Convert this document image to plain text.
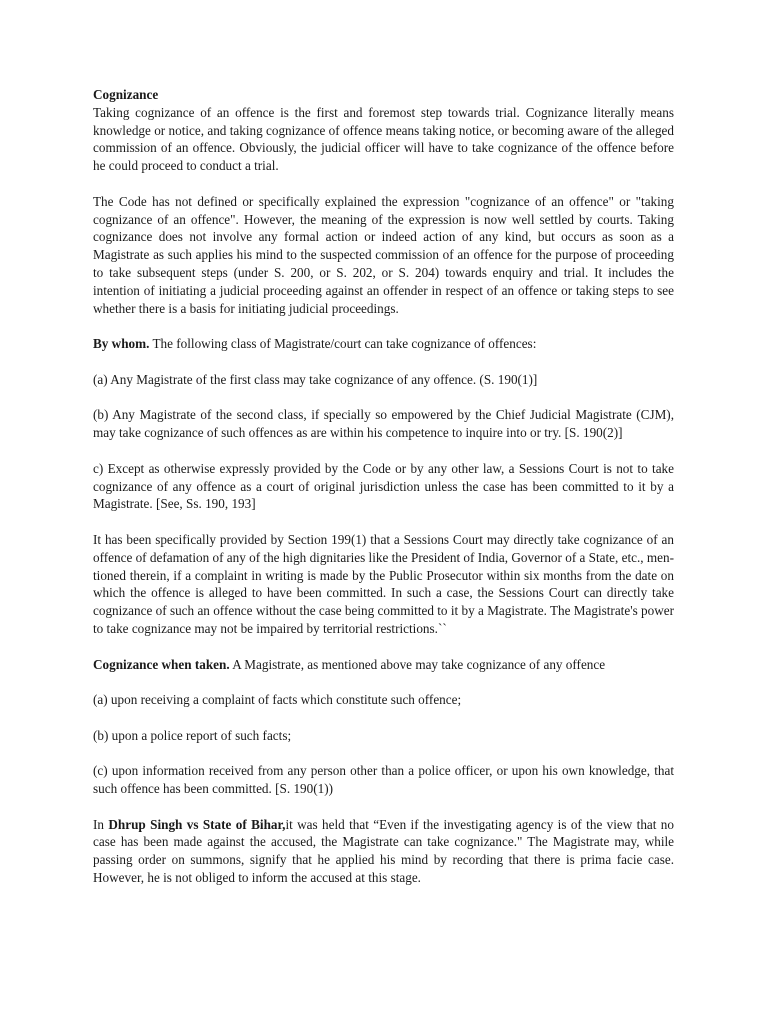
Cognizance

Taking cognizance of an offence is the first and foremost step towards trial. Cognizance literally means knowledge or notice, and taking cognizance of offence means taking notice, or becoming aware of the alleged commission of an offence. Obviously, the judicial officer will have to take cognizance of the offence before he could proceed to conduct a trial.

The Code has not defined or specifically explained the expression "cognizance of an offence" or "taking cognizance of an offence". However, the meaning of the expression is now well settled by courts. Taking cognizance does not involve any formal action or indeed action of any kind, but occurs as soon as a Magistrate as such applies his mind to the suspected commission of an offence for the purpose of proceeding to take subsequent steps (under S. 200, or S. 202, or S. 204) towards enquiry and trial. It includes the intention of initiating a judicial proceeding against an offender in respect of an offence or taking steps to see whether there is a basis for initiating judicial proceedings.

By whom. The following class of Magistrate/court can take cognizance of offences:

(a) Any Magistrate of the first class may take cognizance of any offence. (S. 190(1)]

(b) Any Magistrate of the second class, if specially so empowered by the Chief Judicial Magistrate (CJM), may take cognizance of such offences as are within his competence to inquire into or try. [S. 190(2)]

c) Except as otherwise expressly provided by the Code or by any other law, a Sessions Court is not to take cognizance of any offence as a court of original jurisdiction unless the case has been committed to it by a Magistrate. [See, Ss. 190, 193]

It has been specifically provided by Section 199(1) that a Sessions Court may directly take cognizance of an offence of defamation of any of the high dignitaries like the President of India, Governor of a State, etc., men- tioned therein, if a complaint in writing is made by the Public Prosecutor within six months from the date on which the offence is alleged to have been committed. In such a case, the Sessions Court can directly take cognizance of such an offence without the case being committed to it by a Magistrate. The Magistrate's power to take cognizance may not be impaired by territorial restrictions.``

Cognizance when taken. A Magistrate, as mentioned above may take cognizance of any offence

(a) upon receiving a complaint of facts which constitute such offence;

(b) upon a police report of such facts;

(c) upon information received from any person other than a police officer, or upon his own knowledge, that such offence has been committed. [S. 190(1))

In Dhrup Singh vs State of Bihar,it was held that “Even if the investigating agency is of the view that no case has been made against the accused, the Magistrate can take cognizance." The Magistrate may, while passing order on summons, signify that he applied his mind by recording that there is prima facie case. However, he is not obliged to inform the accused at this stage.
